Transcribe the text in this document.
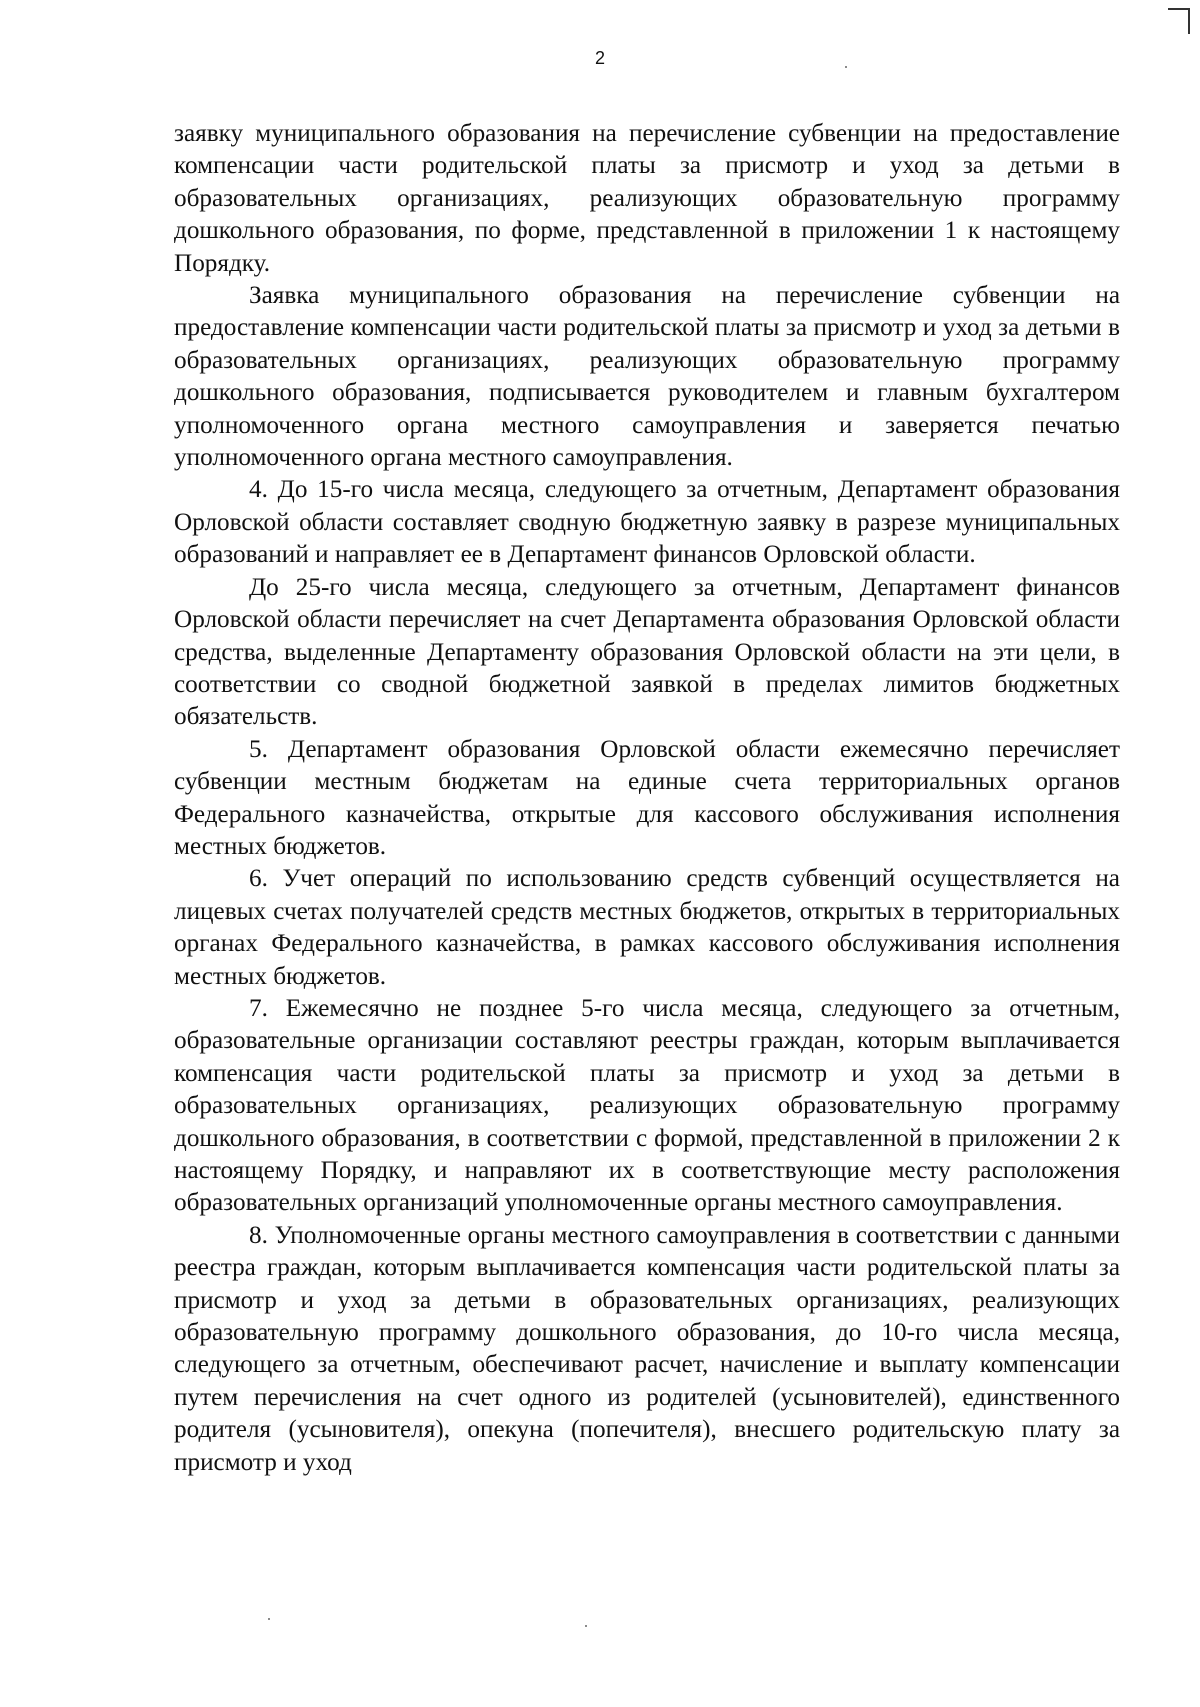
2

заявку муниципального образования на перечисление субвенции на предоставление компенсации части родительской платы за присмотр и уход за детьми в образовательных организациях, реализующих образовательную программу дошкольного образования, по форме, представленной в приложении 1 к настоящему Порядку.

Заявка муниципального образования на перечисление субвенции на предоставление компенсации части родительской платы за присмотр и уход за детьми в образовательных организациях, реализующих образовательную программу дошкольного образования, подписывается руководителем и главным бухгалтером уполномоченного органа местного самоуправления и заверяется печатью уполномоченного органа местного самоуправления.

4. До 15-го числа месяца, следующего за отчетным, Департамент образования Орловской области составляет сводную бюджетную заявку в разрезе муниципальных образований и направляет ее в Департамент финансов Орловской области.

До 25-го числа месяца, следующего за отчетным, Департамент финансов Орловской области перечисляет на счет Департамента образования Орловской области средства, выделенные Департаменту образования Орловской области на эти цели, в соответствии со сводной бюджетной заявкой в пределах лимитов бюджетных обязательств.

5. Департамент образования Орловской области ежемесячно перечисляет субвенции местным бюджетам на единые счета территориальных органов Федерального казначейства, открытые для кассового обслуживания исполнения местных бюджетов.

6. Учет операций по использованию средств субвенций осуществляется на лицевых счетах получателей средств местных бюджетов, открытых в территориальных органах Федерального казначейства, в рамках кассового обслуживания исполнения местных бюджетов.

7. Ежемесячно не позднее 5-го числа месяца, следующего за отчетным, образовательные организации составляют реестры граждан, которым выплачивается компенсация части родительской платы за присмотр и уход за детьми в образовательных организациях, реализующих образовательную программу дошкольного образования, в соответствии с формой, представленной в приложении 2 к настоящему Порядку, и направляют их в соответствующие месту расположения образовательных организаций уполномоченные органы местного самоуправления.

8. Уполномоченные органы местного самоуправления в соответствии с данными реестра граждан, которым выплачивается компенсация части родительской платы за присмотр и уход за детьми в образовательных организациях, реализующих образовательную программу дошкольного образования, до 10-го числа месяца, следующего за отчетным, обеспечивают расчет, начисление и выплату компенсации путем перечисления на счет одного из родителей (усыновителей), единственного родителя (усыновителя), опекуна (попечителя), внесшего родительскую плату за присмотр и уход
